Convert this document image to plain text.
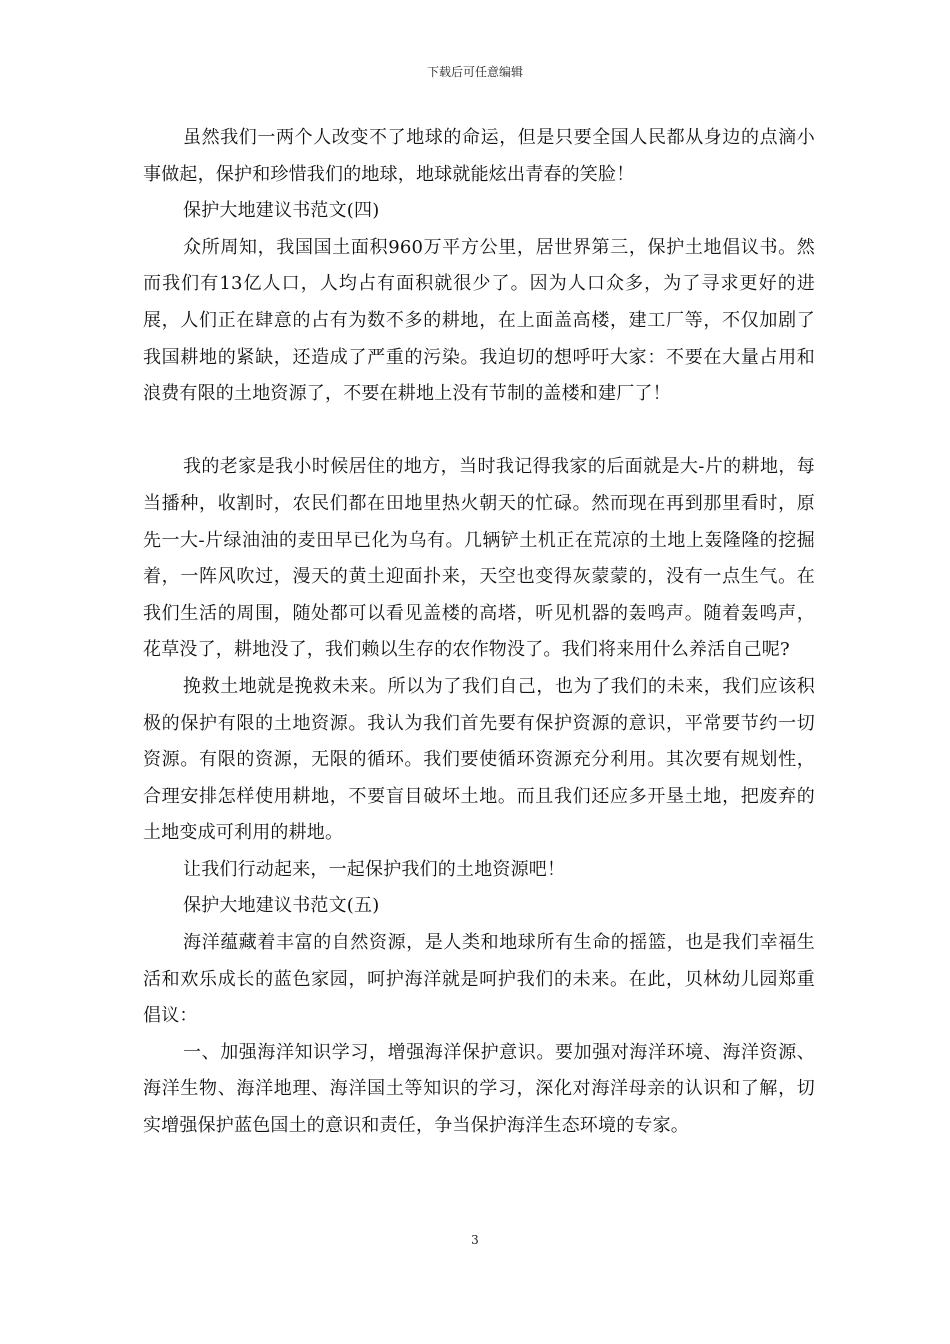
下载后可任意编辑

虽然我们一两个人改变不了地球的命运，但是只要全国人民都从身边的点滴小事做起，保护和珍惜我们的地球，地球就能炫出青春的笑脸！

保护大地建议书范文(四)

众所周知，我国国土面积960万平方公里，居世界第三，保护土地倡议书。然而我们有13亿人口，人均占有面积就很少了。因为人口众多，为了寻求更好的进展，人们正在肆意的占有为数不多的耕地，在上面盖高楼，建工厂等，不仅加剧了我国耕地的紧缺，还造成了严重的污染。我迫切的想呼吁大家：不要在大量占用和浪费有限的土地资源了，不要在耕地上没有节制的盖楼和建厂了！

我的老家是我小时候居住的地方，当时我记得我家的后面就是大-片的耕地，每当播种，收割时，农民们都在田地里热火朝天的忙碌。然而现在再到那里看时，原先一大-片绿油油的麦田早已化为乌有。几辆铲土机正在荒凉的土地上轰隆隆的挖掘着，一阵风吹过，漫天的黄土迎面扑来，天空也变得灰蒙蒙的，没有一点生气。在我们生活的周围，随处都可以看见盖楼的高塔，听见机器的轰鸣声。随着轰鸣声，花草没了，耕地没了，我们赖以生存的农作物没了。我们将来用什么养活自己呢?

挽救土地就是挽救未来。所以为了我们自己，也为了我们的未来，我们应该积极的保护有限的土地资源。我认为我们首先要有保护资源的意识，平常要节约一切资源。有限的资源，无限的循环。我们要使循环资源充分利用。其次要有规划性，合理安排怎样使用耕地，不要盲目破坏土地。而且我们还应多开垦土地，把废弃的土地变成可利用的耕地。

让我们行动起来，一起保护我们的土地资源吧！

保护大地建议书范文(五)

海洋蕴藏着丰富的自然资源，是人类和地球所有生命的摇篮，也是我们幸福生活和欢乐成长的蓝色家园，呵护海洋就是呵护我们的未来。在此，贝林幼儿园郑重倡议：

一、加强海洋知识学习，增强海洋保护意识。要加强对海洋环境、海洋资源、海洋生物、海洋地理、海洋国土等知识的学习，深化对海洋母亲的认识和了解，切实增强保护蓝色国土的意识和责任，争当保护海洋生态环境的专家。

3
